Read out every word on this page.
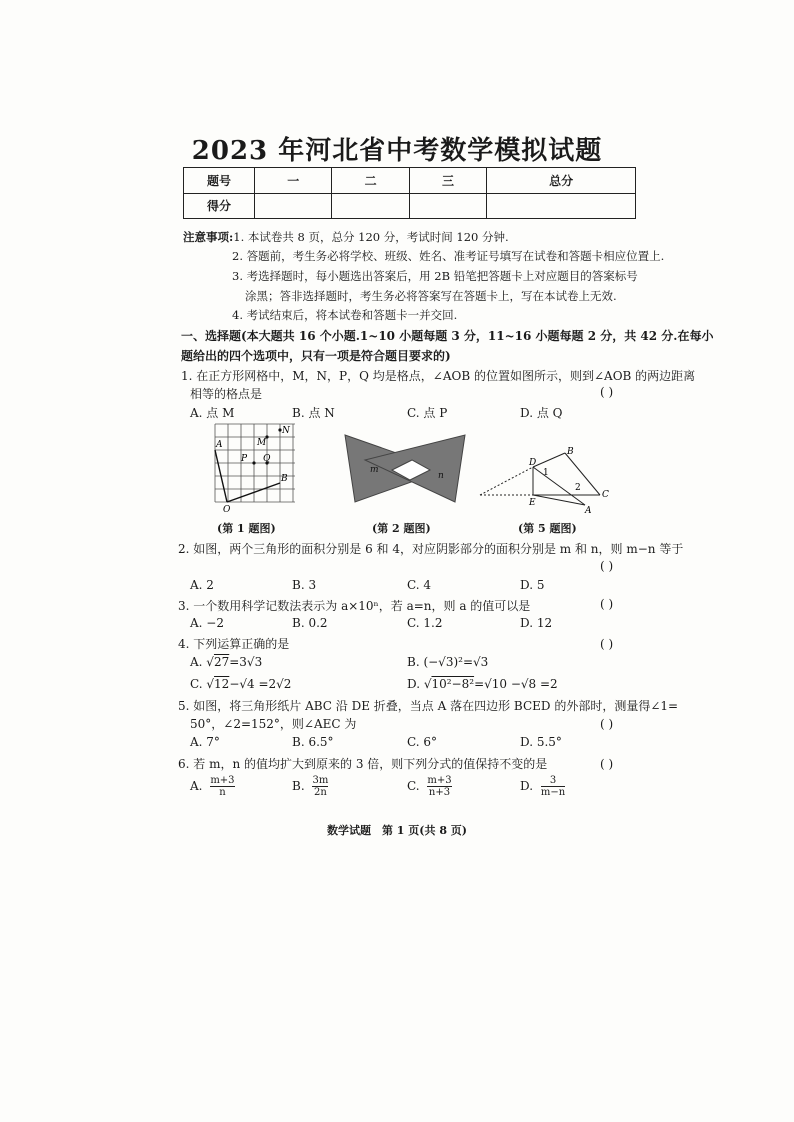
2023 年河北省中考数学模拟试题
题号	一	二	三	总分
得分				
注意事项:1. 本试卷共 8 页，总分 120 分，考试时间 120 分钟.
2. 答题前，考生务必将学校、班级、姓名、准考证号填写在试卷和答题卡相应位置上.
3. 考选择题时，每小题选出答案后，用 2B 铅笔把答题卡上对应题目的答案标号
涂黑；答非选择题时，考生务必将答案写在答题卡上，写在本试卷上无效.
4. 考试结束后，将本试卷和答题卡一并交回.
一、选择题(本大题共 16 个小题.1~10 小题每题 3 分，11~16 小题每题 2 分，共 42 分.在每小
题给出的四个选项中，只有一项是符合题目要求的)
1. 在正方形网格中，M，N，P，Q 均是格点，∠AOB 的位置如图所示，则到∠AOB 的两边距离
相等的格点是	( )
A. 点 M	B. 点 N	C. 点 P	D. 点 Q
A	M
N
P Q
B
O
m
n
D
B
1
2
E
C
A
(第 1 题图)	(第 2 题图)	(第 5 题图)
2. 如图，两个三角形的面积分别是 6 和 4，对应阴影部分的面积分别是 m 和 n，则 m−n 等于
( )
A. 2	B. 3	C. 4	D. 5
3. 一个数用科学记数法表示为 a×10ⁿ，若 a=n，则 a 的值可以是	( )
A. −2	B. 0.2	C. 1.2	D. 12
4. 下列运算正确的是	( )
A. √27=3√3	B. (−√3)²=√3
C. √12−√4 =2√2	D. √10²−8²=√10 −√8 =2
5. 如图，将三角形纸片 ABC 沿 DE 折叠，当点 A 落在四边形 BCED 的外部时，测量得∠1=
50°，∠2=152°，则∠AEC 为	( )
A. 7°	B. 6.5°	C. 6°	D. 5.5°
6. 若 m，n 的值均扩大到原来的 3 倍，则下列分式的值保持不变的是	( )
A. $\frac{m+3}{n}$	B. $\frac{3m}{2n}$	C. $\frac{m+3}{n+3}$	D. $\frac{3}{m-n}$
数学试题　第 1 页(共 8 页)
